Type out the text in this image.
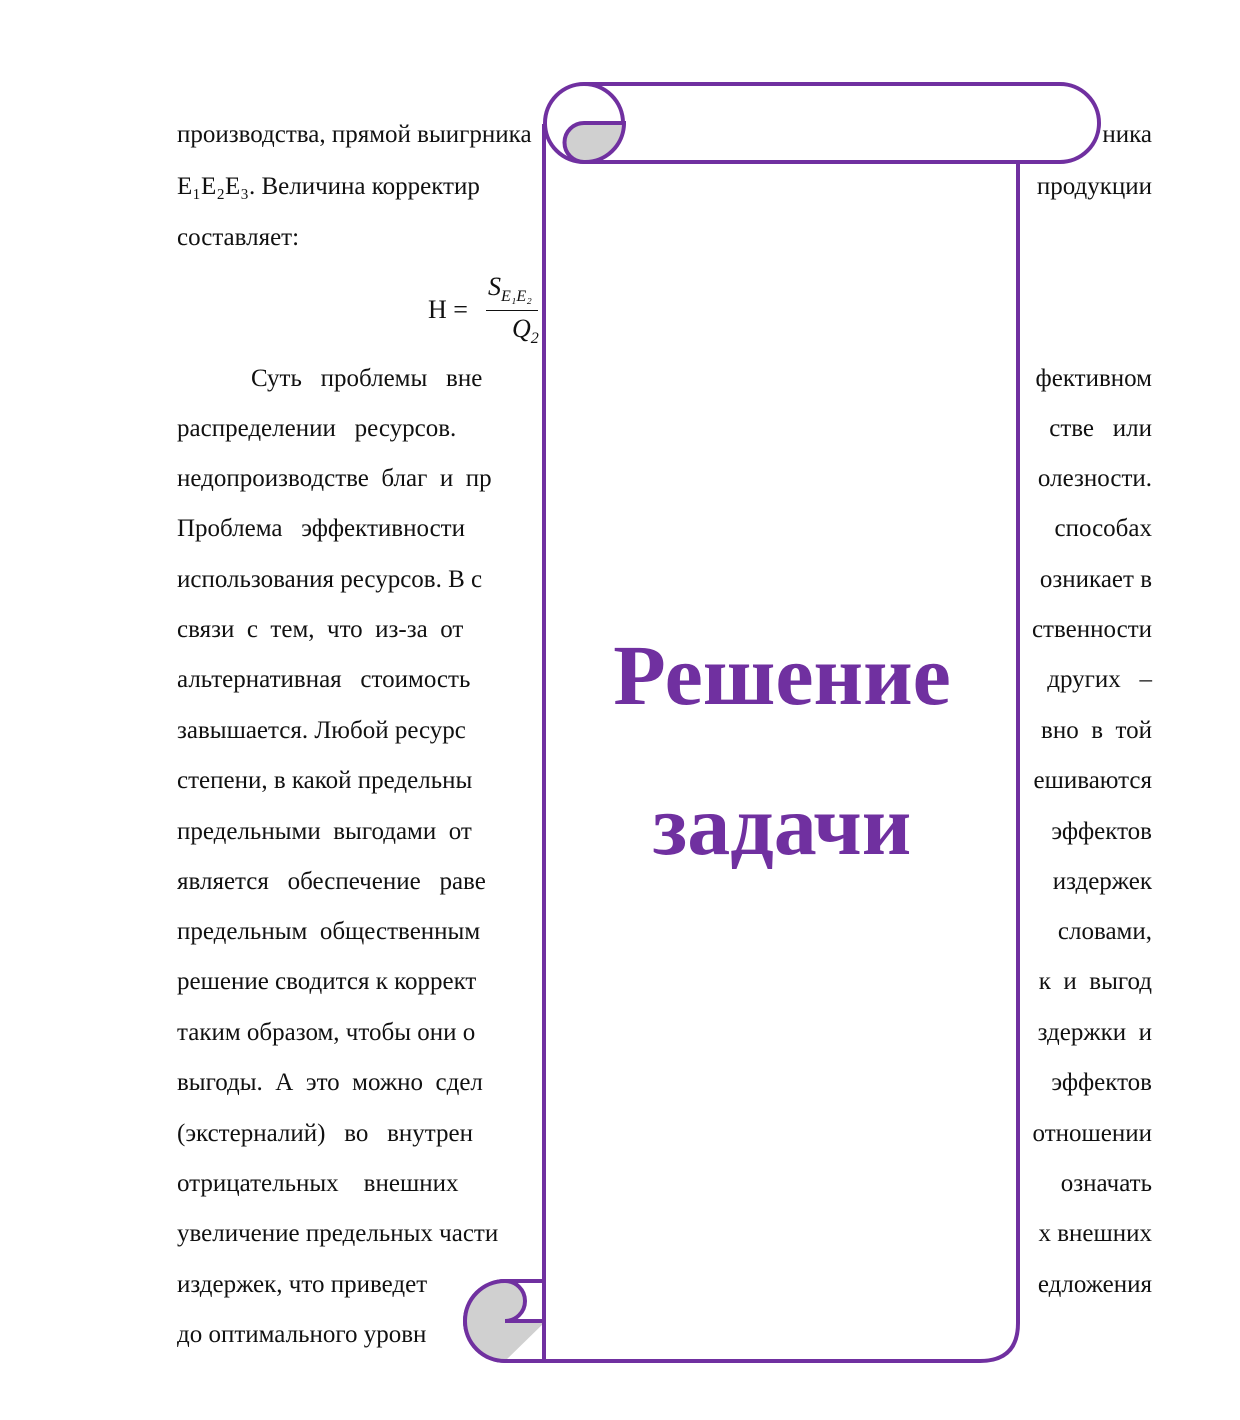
производства, прямой выигр ника	ника
E₁E₂E₃. Величина корректир	продукции
составляет:
$Н = \frac{S_{E_1E_2}}{Q_2}$
Суть   проблемы   вне	фективном
распределении   ресурсов.	стве   или
недопроизводстве  благ  и  пр	олезности.
Проблема   эффективности	способах
использования ресурсов. В с	озникает в
связи  с  тем,  что  из-за  от	ственности
альтернативная   стоимость	других   –
завышается. Любой ресурс	вно  в  той
степени, в какой предельны	ешиваются
предельными  выгодами  от	эффектов
является   обеспечение   раве	издержек
предельным  общественным	словами,
решение сводится к коррект	к  и  выгод
таким образом, чтобы они о	здержки  и
выгоды.  А  это  можно  сдел	эффектов
(экстерналий)   во   внутрен	отношении
отрицательных    внешних	означать
увеличение предельных части	х внешних
издержек, что приведет	едложения
до оптимального уровн
Решение
задачи
